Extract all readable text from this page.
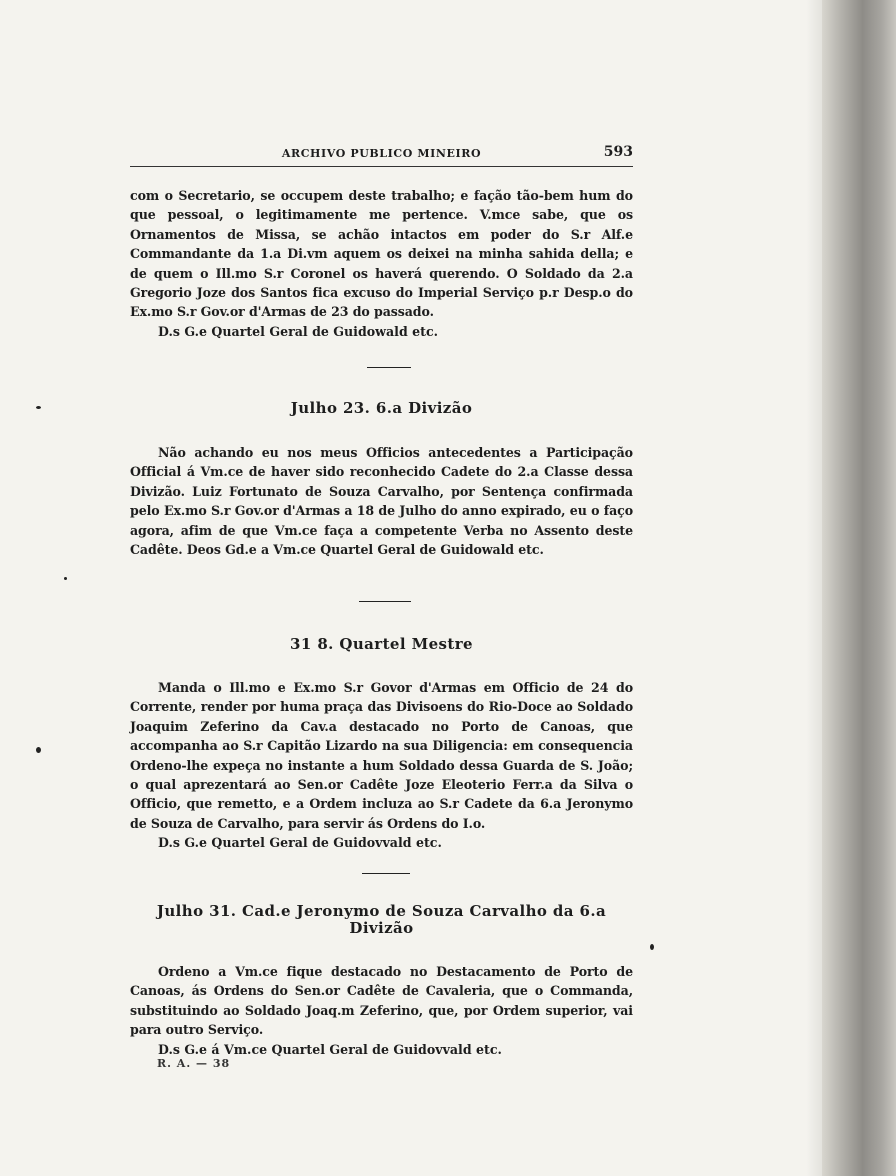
ARCHIVO PUBLICO MINEIRO	593

com o Secretario, se occupem deste trabalho; e fação tão-bem hum do que pessoal, o legitimamente me pertence. V.mce sabe, que os Ornamentos de Missa, se achão intactos em poder do S.r Alf.e Commandante da 1.a Di.vm aquem os deixei na minha sahida della; e de quem o Ill.mo S.r Coronel os haverá querendo. O Soldado da 2.a Gregorio Joze dos Santos fica excuso do Imperial Serviço p.r Desp.o do Ex.mo S.r Gov.or d'Armas de 23 do passado.

D.s G.e Quartel Geral de Guidowald etc.

Julho 23. 6.a Divizão

Não achando eu nos meus Officios antecedentes a Participação Official á Vm.ce de haver sido reconhecido Cadete do 2.a Classe dessa Divizão. Luiz Fortunato de Souza Carvalho, por Sentença confirmada pelo Ex.mo S.r Gov.or d'Armas a 18 de Julho do anno expirado, eu o faço agora, afim de que Vm.ce faça a competente Verba no Assento deste Cadête. Deos Gd.e a Vm.ce Quartel Geral de Guidowald etc.

31 8. Quartel Mestre

Manda o Ill.mo e Ex.mo S.r Govor d'Armas em Officio de 24 do Corrente, render por huma praça das Divisoens do Rio-Doce ao Soldado Joaquim Zeferino da Cav.a destacado no Porto de Canoas, que accompanha ao S.r Capitão Lizardo na sua Diligencia: em consequencia Ordeno-lhe expeça no instante a hum Soldado dessa Guarda de S. João; o qual aprezentará ao Sen.or Cadête Joze Eleoterio Ferr.a da Silva o Officio, que remetto, e a Ordem incluza ao S.r Cadete da 6.a Jeronymo de Souza de Carvalho, para servir ás Ordens do I.o.

D.s G.e Quartel Geral de Guidovvald etc.

Julho 31. Cad.e Jeronymo de Souza Carvalho da 6.a
Divizão

Ordeno a Vm.ce fique destacado no Destacamento de Porto de Canoas, ás Ordens do Sen.or Cadête de Cavaleria, que o Commanda, substituindo ao Soldado Joaq.m Zeferino, que, por Ordem superior, vai para outro Serviço.

D.s G.e á Vm.ce Quartel Geral de Guidovvald etc.

R. A. — 38
